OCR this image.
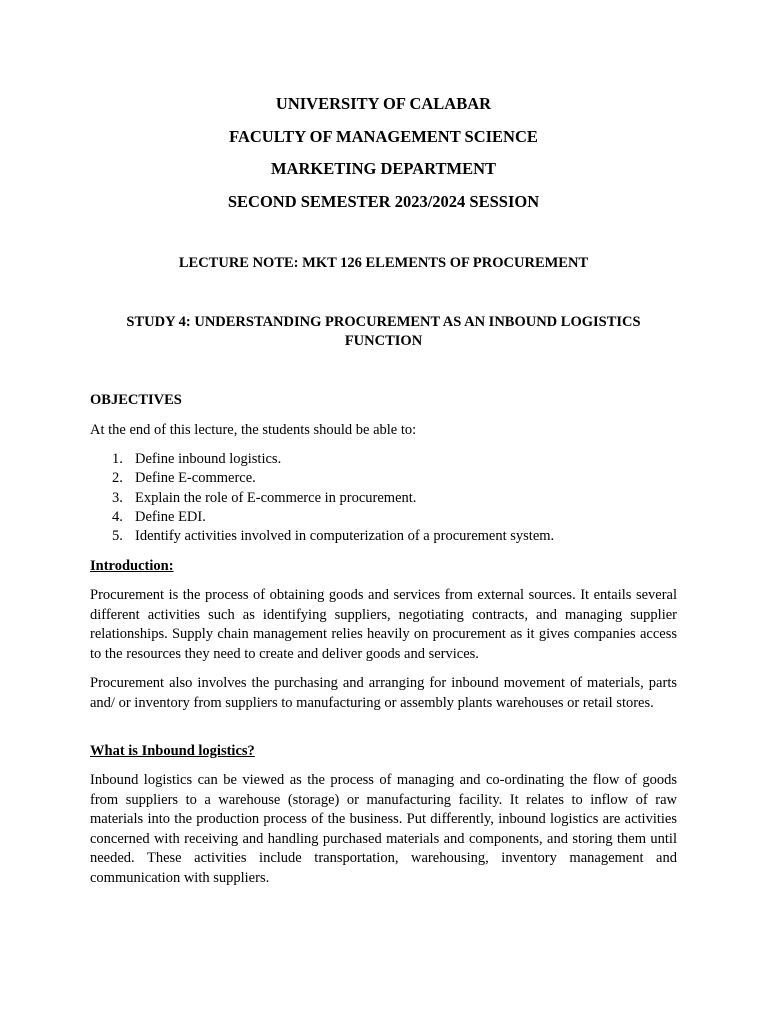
UNIVERSITY OF CALABAR

FACULTY OF MANAGEMENT SCIENCE

MARKETING DEPARTMENT

SECOND SEMESTER 2023/2024 SESSION

LECTURE NOTE: MKT 126 ELEMENTS OF PROCUREMENT

STUDY 4: UNDERSTANDING PROCUREMENT AS AN INBOUND LOGISTICS

FUNCTION

OBJECTIVES

At the end of this lecture, the students should be able to:

1. Define inbound logistics.
2. Define E-commerce.
3. Explain the role of E-commerce in procurement.
4. Define EDI.
5. Identify activities involved in computerization of a procurement system.

Introduction:

Procurement is the process of obtaining goods and services from external sources. It entails several different activities such as identifying suppliers, negotiating contracts, and managing supplier relationships. Supply chain management relies heavily on procurement as it gives companies access to the resources they need to create and deliver goods and services.

Procurement also involves the purchasing and arranging for inbound movement of materials, parts and/ or inventory from suppliers to manufacturing or assembly plants warehouses or retail stores.

What is Inbound logistics?

Inbound logistics can be viewed as the process of managing and co-ordinating the flow of goods from suppliers to a warehouse (storage) or manufacturing facility. It relates to inflow of raw materials into the production process of the business. Put differently, inbound logistics are activities concerned with receiving and handling purchased materials and components, and storing them until needed. These activities include transportation, warehousing, inventory management and communication with suppliers.
